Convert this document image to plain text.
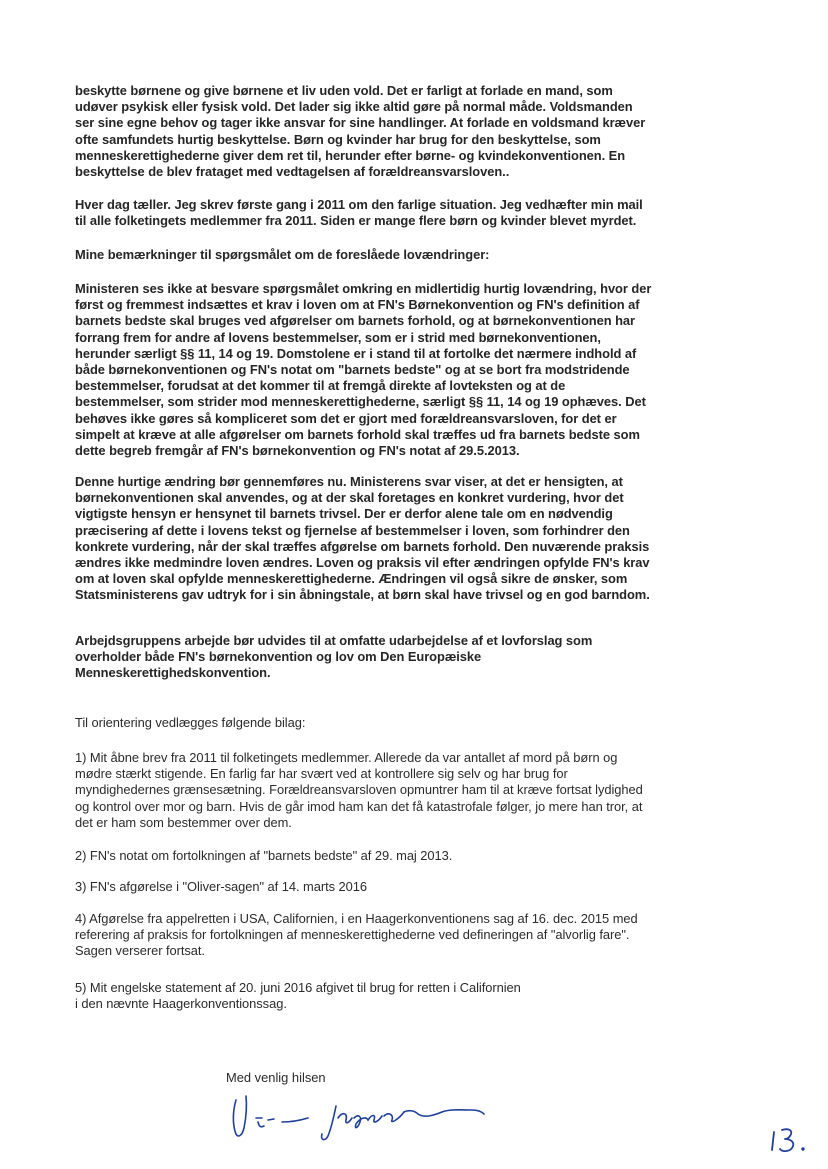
beskytte børnene og give børnene et liv uden vold. Det er farligt at forlade en mand, som
udøver psykisk eller fysisk vold. Det lader sig ikke altid gøre på normal måde. Voldsmanden
ser sine egne behov og tager ikke ansvar for sine handlinger. At forlade en voldsmand kræver
ofte samfundets hurtig beskyttelse. Børn og kvinder har brug for den beskyttelse, som
menneskerettighederne giver dem ret til, herunder efter børne- og kvindekonventionen. En
beskyttelse de blev frataget med vedtagelsen af forældreansvarsloven..

Hver dag tæller. Jeg skrev første gang i 2011 om den farlige situation. Jeg vedhæfter min mail
til alle folketingets medlemmer fra 2011. Siden er mange flere børn og kvinder blevet myrdet.

Mine bemærkninger til spørgsmålet om de foreslåede lovændringer:

Ministeren ses ikke at besvare spørgsmålet omkring en midlertidig hurtig lovændring, hvor der
først og fremmest indsættes et krav i loven om at FN's Børnekonvention og FN's definition af
barnets bedste skal bruges ved afgørelser om barnets forhold, og at børnekonventionen har
forrang frem for andre af lovens bestemmelser, som er i strid med børnekonventionen,
herunder særligt §§ 11, 14 og 19. Domstolene er i stand til at fortolke det nærmere indhold af
både børnekonventionen og FN's notat om "barnets bedste" og at se bort fra modstridende
bestemmelser, forudsat at det kommer til at fremgå direkte af lovteksten og at de
bestemmelser, som strider mod menneskerettighederne, særligt §§ 11, 14 og 19 ophæves. Det
behøves ikke gøres så kompliceret som det er gjort med forældreansvarsloven, for det er
simpelt at kræve at alle afgørelser om barnets forhold skal træffes ud fra barnets bedste som
dette begreb fremgår af FN's børnekonvention og FN's notat af 29.5.2013.

Denne hurtige ændring bør gennemføres nu. Ministerens svar viser, at det er hensigten, at
børnekonventionen skal anvendes, og at der skal foretages en konkret vurdering, hvor det
vigtigste hensyn er hensynet til barnets trivsel. Der er derfor alene tale om en nødvendig
præcisering af dette i lovens tekst og fjernelse af bestemmelser i loven, som forhindrer den
konkrete vurdering, når der skal træffes afgørelse om barnets forhold. Den nuværende praksis
ændres ikke medmindre loven ændres. Loven og praksis vil efter ændringen opfylde FN's krav
om at loven skal opfylde menneskerettighederne. Ændringen vil også sikre de ønsker, som
Statsministerens gav udtryk for i sin åbningstale, at børn skal have trivsel og en god barndom.

Arbejdsgruppens arbejde bør udvides til at omfatte udarbejdelse af et lovforslag som
overholder både FN's børnekonvention og lov om Den Europæiske
Menneskerettighedskonvention.

Til orientering vedlægges følgende bilag:

1) Mit åbne brev fra 2011 til folketingets medlemmer. Allerede da var antallet af mord på børn og
mødre stærkt stigende. En farlig far har svært ved at kontrollere sig selv og har brug for
myndighedernes grænsesætning. Forældreansvarsloven opmuntrer ham til at kræve fortsat lydighed
og kontrol over mor og barn. Hvis de går imod ham kan det få katastrofale følger, jo mere han tror, at
det er ham som bestemmer over dem.

2) FN's notat om fortolkningen af "barnets bedste" af 29. maj 2013.

3) FN's afgørelse i "Oliver-sagen" af 14. marts 2016

4) Afgørelse fra appelretten i USA, Californien, i en Haagerkonventionens sag af 16. dec. 2015 med
referering af praksis for fortolkningen af menneskerettighederne ved defineringen af "alvorlig fare".
Sagen verserer fortsat.

5) Mit engelske statement af 20. juni 2016 afgivet til brug for retten i Californien
i den nævnte Haagerkonventionssag.

Med venlig hilsen
